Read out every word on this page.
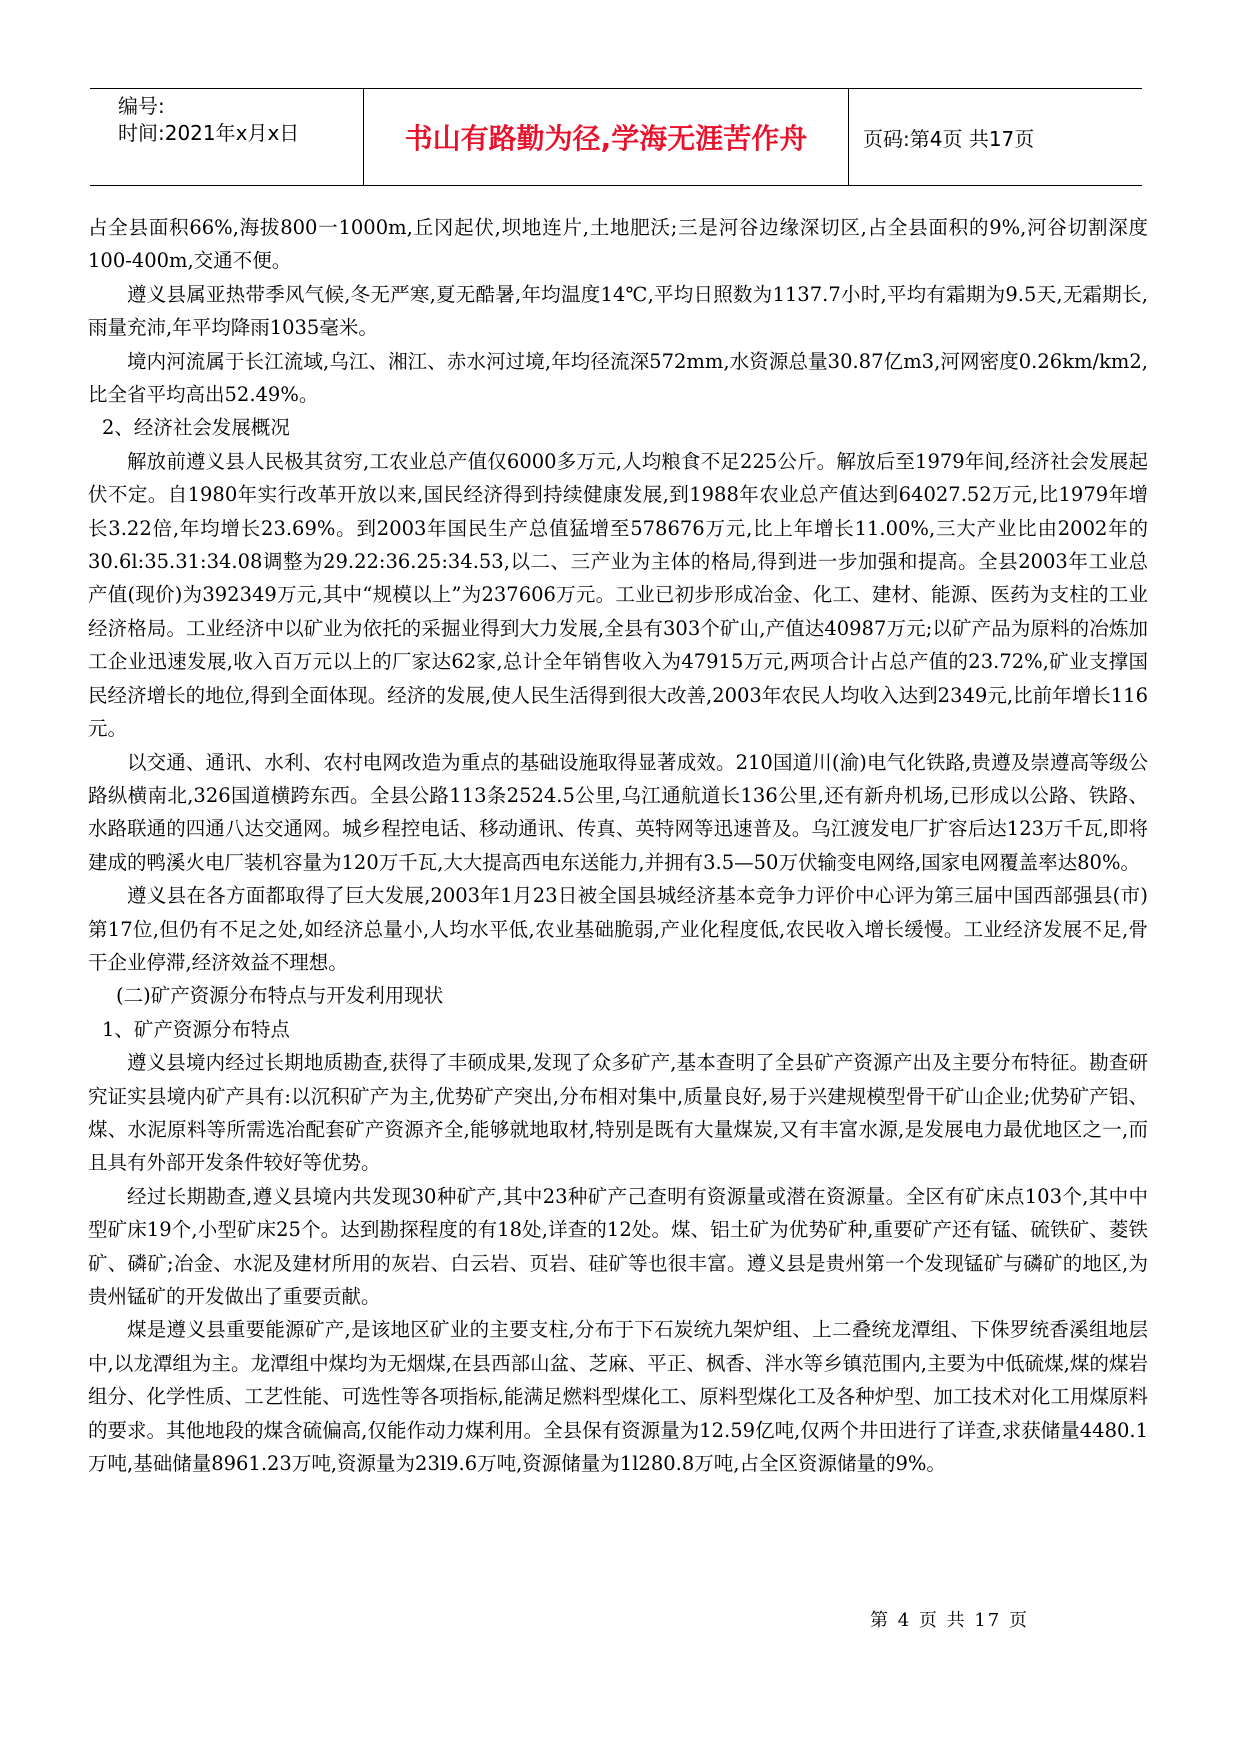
编号:
时间:2021年x月x日	书山有路勤为径,学海无涯苦作舟	页码:第4页 共17页

占全县面积66%,海拔800一1000m,丘冈起伏,坝地连片,土地肥沃;三是河谷边缘深切区,占全县面积的9%,河谷切割深度100-400m,交通不便。

遵义县属亚热带季风气候,冬无严寒,夏无酷暑,年均温度14℃,平均日照数为1137.7小时,平均有霜期为9.5天,无霜期长,雨量充沛,年平均降雨1035毫米。

境内河流属于长江流域,乌江、湘江、赤水河过境,年均径流深572mm,水资源总量30.87亿m3,河网密度0.26km/km2,比全省平均高出52.49%。

2、经济社会发展概况

解放前遵义县人民极其贫穷,工农业总产值仅6000多万元,人均粮食不足225公斤。解放后至1979年间,经济社会发展起伏不定。自1980年实行改革开放以来,国民经济得到持续健康发展,到1988年农业总产值达到64027.52万元,比1979年增长3.22倍,年均增长23.69%。到2003年国民生产总值猛增至578676万元,比上年增长11.00%,三大产业比由2002年的30.6l:35.31:34.08调整为29.22:36.25:34.53,以二、三产业为主体的格局,得到进一步加强和提高。全县2003年工业总产值(现价)为392349万元,其中“规模以上”为237606万元。工业已初步形成冶金、化工、建材、能源、医药为支柱的工业经济格局。工业经济中以矿业为依托的采掘业得到大力发展,全县有303个矿山,产值达40987万元;以矿产品为原料的冶炼加工企业迅速发展,收入百万元以上的厂家达62家,总计全年销售收入为47915万元,两项合计占总产值的23.72%,矿业支撑国民经济增长的地位,得到全面体现。经济的发展,使人民生活得到很大改善,2003年农民人均收入达到2349元,比前年增长116元。

以交通、通讯、水利、农村电网改造为重点的基础设施取得显著成效。210国道川(渝)电气化铁路,贵遵及崇遵高等级公路纵横南北,326国道横跨东西。全县公路113条2524.5公里,乌江通航道长136公里,还有新舟机场,已形成以公路、铁路、水路联通的四通八达交通网。城乡程控电话、移动通讯、传真、英特网等迅速普及。乌江渡发电厂扩容后达123万千瓦,即将建成的鸭溪火电厂装机容量为120万千瓦,大大提高西电东送能力,并拥有3.5—50万伏输变电网络,国家电网覆盖率达80%。

遵义县在各方面都取得了巨大发展,2003年1月23日被全国县城经济基本竞争力评价中心评为第三届中国西部强县(市)第17位,但仍有不足之处,如经济总量小,人均水平低,农业基础脆弱,产业化程度低,农民收入增长缓慢。工业经济发展不足,骨干企业停滞,经济效益不理想。

(二)矿产资源分布特点与开发利用现状

1、矿产资源分布特点

遵义县境内经过长期地质勘查,获得了丰硕成果,发现了众多矿产,基本查明了全县矿产资源产出及主要分布特征。勘查研究证实县境内矿产具有:以沉积矿产为主,优势矿产突出,分布相对集中,质量良好,易于兴建规模型骨干矿山企业;优势矿产铝、煤、水泥原料等所需选冶配套矿产资源齐全,能够就地取材,特别是既有大量煤炭,又有丰富水源,是发展电力最优地区之一,而且具有外部开发条件较好等优势。

经过长期勘查,遵义县境内共发现30种矿产,其中23种矿产己查明有资源量或潜在资源量。全区有矿床点103个,其中中型矿床19个,小型矿床25个。达到勘探程度的有18处,详查的12处。煤、铝土矿为优势矿种,重要矿产还有锰、硫铁矿、菱铁矿、磷矿;冶金、水泥及建材所用的灰岩、白云岩、页岩、硅矿等也很丰富。遵义县是贵州第一个发现锰矿与磷矿的地区,为贵州锰矿的开发做出了重要贡献。

煤是遵义县重要能源矿产,是该地区矿业的主要支柱,分布于下石炭统九架炉组、上二叠统龙潭组、下侏罗统香溪组地层中,以龙潭组为主。龙潭组中煤均为无烟煤,在县西部山盆、芝麻、平正、枫香、泮水等乡镇范围内,主要为中低硫煤,煤的煤岩组分、化学性质、工艺性能、可选性等各项指标,能满足燃料型煤化工、原料型煤化工及各种炉型、加工技术对化工用煤原料的要求。其他地段的煤含硫偏高,仅能作动力煤利用。全县保有资源量为12.59亿吨,仅两个井田进行了详查,求获储量4480.1万吨,基础储量8961.23万吨,资源量为23l9.6万吨,资源储量为1l280.8万吨,占全区资源储量的9%。

第 4 页 共 17 页
